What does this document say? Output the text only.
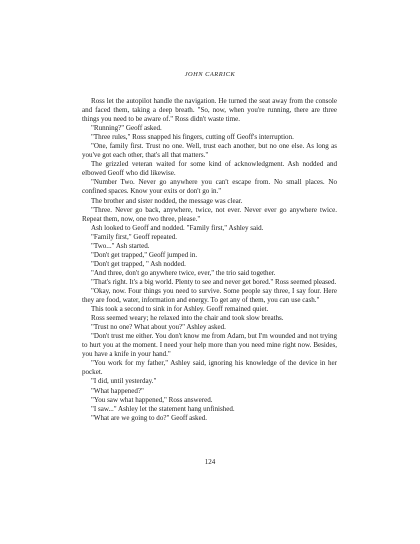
JOHN CARRICK

Ross let the autopilot handle the navigation. He turned the seat away from the console and faced them, taking a deep breath. "So, now, when you're running, there are three things you need to be aware of." Ross didn't waste time.

"Running?" Geoff asked.

"Three rules," Ross snapped his fingers, cutting off Geoff's interruption.

"One, family first. Trust no one. Well, trust each another, but no one else. As long as you've got each other, that's all that matters."

The grizzled veteran waited for some kind of acknowledgment. Ash nodded and elbowed Geoff who did likewise.

"Number Two. Never go anywhere you can't escape from. No small places. No confined spaces. Know your exits or don't go in."

The brother and sister nodded, the message was clear.

"Three. Never go back, anywhere, twice, not ever. Never ever go anywhere twice. Repeat them, now, one two three, please."

Ash looked to Geoff and nodded. "Family first," Ashley said.

"Family first," Geoff repeated.

"Two..." Ash started.

"Don't get trapped," Geoff jumped in.

"Don't get trapped, " Ash nodded.

"And three, don't go anywhere twice, ever," the trio said together.

"That's right. It's a big world. Plenty to see and never get bored." Ross seemed pleased.

"Okay, now. Four things you need to survive. Some people say three, I say four. Here they are food, water, information and energy. To get any of them, you can use cash."

This took a second to sink in for Ashley. Geoff remained quiet.

Ross seemed weary; he relaxed into the chair and took slow breaths.

"Trust no one? What about you?" Ashley asked.

"Don't trust me either. You don't know me from Adam, but I'm wounded and not trying to hurt you at the moment. I need your help more than you need mine right now. Besides, you have a knife in your hand."

"You work for my father," Ashley said, ignoring his knowledge of the device in her pocket.

"I did, until yesterday."

"What happened?"

"You saw what happened," Ross answered.

"I saw..." Ashley let the statement hang unfinished.

"What are we going to do?" Geoff asked.

124
